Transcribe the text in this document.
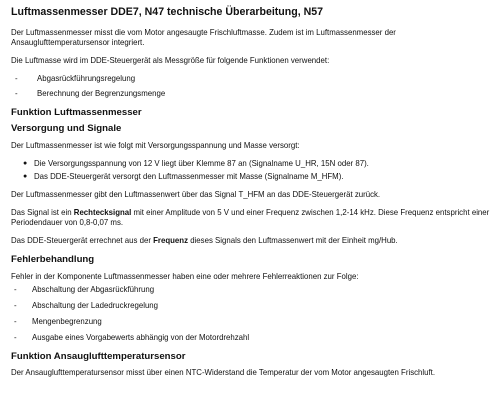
Luftmassenmesser DDE7, N47 technische Überarbeitung, N57

Der Luftmassenmesser misst die vom Motor angesaugte Frischluftmasse. Zudem ist im Luftmassenmesser der Ansauglufttemperatursensor integriert.

Die Luftmasse wird im DDE-Steuergerät als Messgröße für folgende Funktionen verwendet:

- Abgasrückführungsregelung
- Berechnung der Begrenzungsmenge
Funktion Luftmassenmesser
Versorgung und Signale

Der Luftmassenmesser ist wie folgt mit Versorgungsspannung und Masse versorgt:

● Die Versorgungsspannung von 12 V liegt über Klemme 87 an (Signalname U_HR, 15N oder 87).
● Das DDE-Steuergerät versorgt den Luftmassenmesser mit Masse (Signalname M_HFM).

Der Luftmassenmesser gibt den Luftmassenwert über das Signal T_HFM an das DDE-Steuergerät zurück.

Das Signal ist ein Rechtecksignal mit einer Amplitude von 5 V und einer Frequenz zwischen 1,2-14 kHz. Diese Frequenz entspricht einer Periodendauer von 0,8-0,07 ms.

Das DDE-Steuergerät errechnet aus der Frequenz dieses Signals den Luftmassenwert mit der Einheit mg/Hub.

Fehlerbehandlung

Fehler in der Komponente Luftmassenmesser haben eine oder mehrere Fehlerreaktionen zur Folge:

- Abschaltung der Abgasrückführung
- Abschaltung der Ladedruckregelung
- Mengenbegrenzung
- Ausgabe eines Vorgabewerts abhängig von der Motordrehzahl
Funktion Ansauglufttemperatursensor

Der Ansauglufttemperatursensor misst über einen NTC-Widerstand die Temperatur der vom Motor angesaugten Frischluft.
